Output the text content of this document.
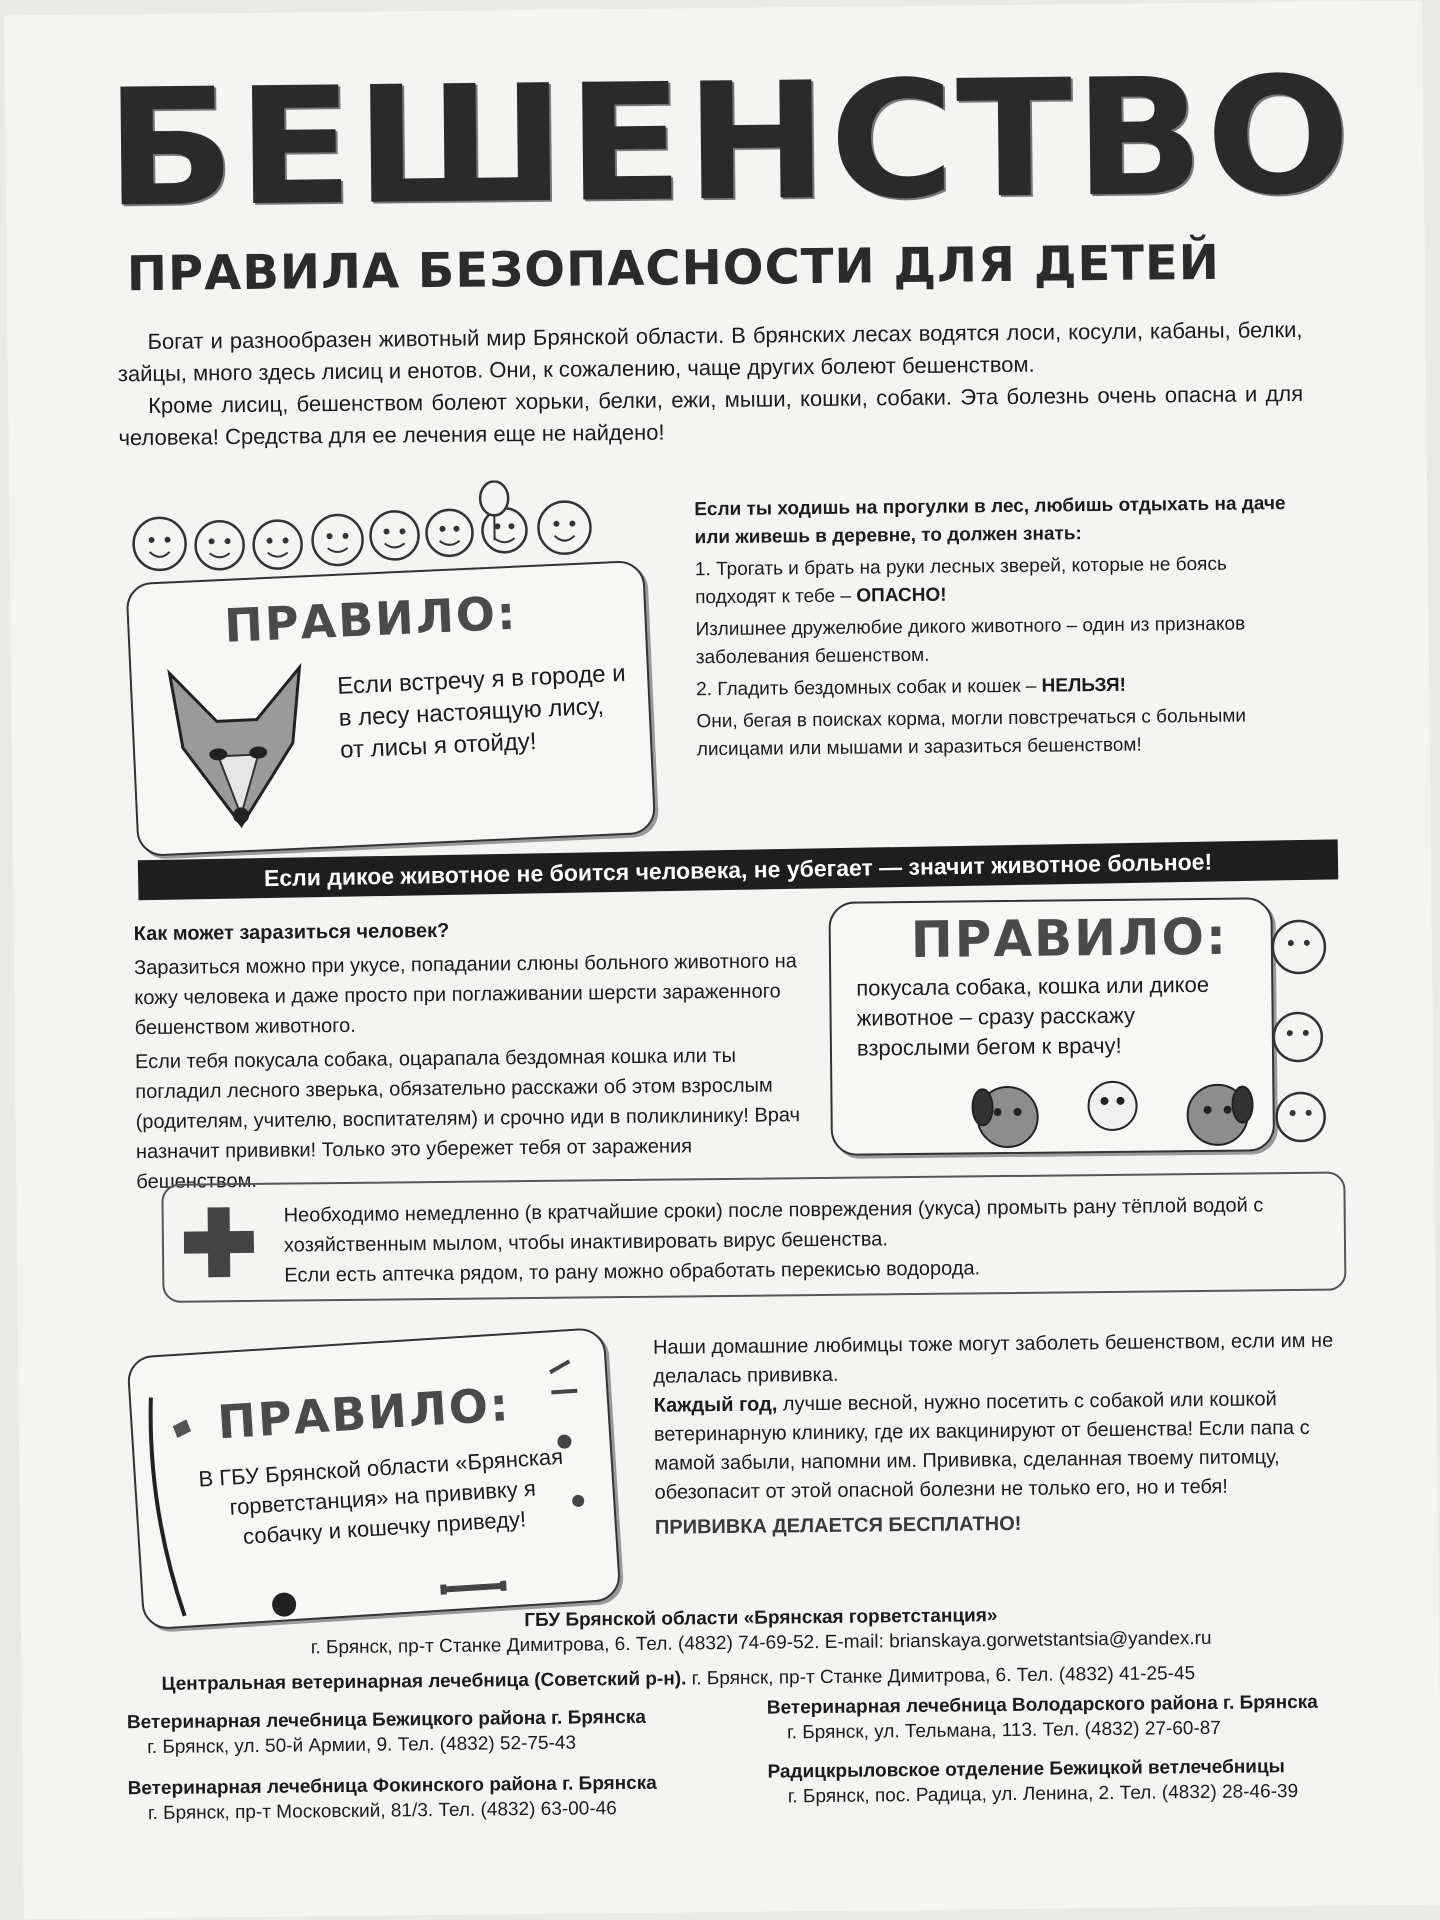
БЕШЕНСТВО
ПРАВИЛА БЕЗОПАСНОСТИ ДЛЯ ДЕТЕЙ

Богат и разнообразен животный мир Брянской области. В брянских лесах водятся лоси, косули, кабаны, белки, зайцы, много здесь лисиц и енотов. Они, к сожалению, чаще других болеют бешенством.

Кроме лисиц, бешенством болеют хорьки, белки, ежи, мыши, кошки, собаки. Эта болезнь очень опасна и для человека! Средства для ее лечения еще не найдено!

ПРАВИЛО:
Если встречу я в городе и в лесу настоящую лису, от лисы я отойду!

Если ты ходишь на прогулки в лес, любишь отдыхать на даче или живешь в деревне, то должен знать:

1. Трогать и брать на руки лесных зверей, которые не боясь подходят к тебе – ОПАСНО!

Излишнее дружелюбие дикого животного – один из признаков заболевания бешенством.

2. Гладить бездомных собак и кошек – НЕЛЬЗЯ!

Они, бегая в поисках корма, могли повстречаться с больными лисицами или мышами и заразиться бешенством!

Если дикое животное не боится человека, не убегает — значит животное больное!

Как может заразиться человек?

Заразиться можно при укусе, попадании слюны больного животного на кожу человека и даже просто при поглаживании шерсти зараженного бешенством животного.

Если тебя покусала собака, оцарапала бездомная кошка или ты погладил лесного зверька, обязательно расскажи об этом взрослым (родителям, учителю, воспитателям) и срочно иди в поликлинику! Врач назначит прививки! Только это убережет тебя от заражения бешенством.

ПРАВИЛО:
покусала собака, кошка или дикое животное – сразу расскажу взрослыми бегом к врачу!
Необходимо немедленно (в кратчайшие сроки) после повреждения (укуса) промыть рану тёплой водой с хозяйственным мылом, чтобы инактивировать вирус бешенства.
Если есть аптечка рядом, то рану можно обработать перекисью водорода.
ПРАВИЛО:
В ГБУ Брянской области «Брянская горветстанция» на прививку я собачку и кошечку приведу!

Наши домашние любимцы тоже могут заболеть бешенством, если им не делалась прививка.

Каждый год, лучше весной, нужно посетить с собакой или кошкой ветеринарную клинику, где их вакцинируют от бешенства! Если папа с мамой забыли, напомни им. Прививка, сделанная твоему питомцу, обезопасит от этой опасной болезни не только его, но и тебя!

ПРИВИВКА ДЕЛАЕТСЯ БЕСПЛАТНО!

ГБУ Брянской области «Брянская горветстанция»
г. Брянск, пр-т Станке Димитрова, 6. Тел. (4832) 74-69-52. E-mail: brianskaya.gorwetstantsia@yandex.ru
Центральная ветеринарная лечебница (Советский р-н). г. Брянск, пр-т Станке Димитрова, 6. Тел. (4832) 41-25-45
Ветеринарная лечебница Бежицкого района г. Брянска
г. Брянск, ул. 50-й Армии, 9. Тел. (4832) 52-75-43
Ветеринарная лечебница Володарского района г. Брянска
г. Брянск, ул. Тельмана, 113. Тел. (4832) 27-60-87
Ветеринарная лечебница Фокинского района г. Брянска
г. Брянск, пр-т Московский, 81/3. Тел. (4832) 63-00-46
Радицкрыловское отделение Бежицкой ветлечебницы
г. Брянск, пос. Радица, ул. Ленина, 2. Тел. (4832) 28-46-39
